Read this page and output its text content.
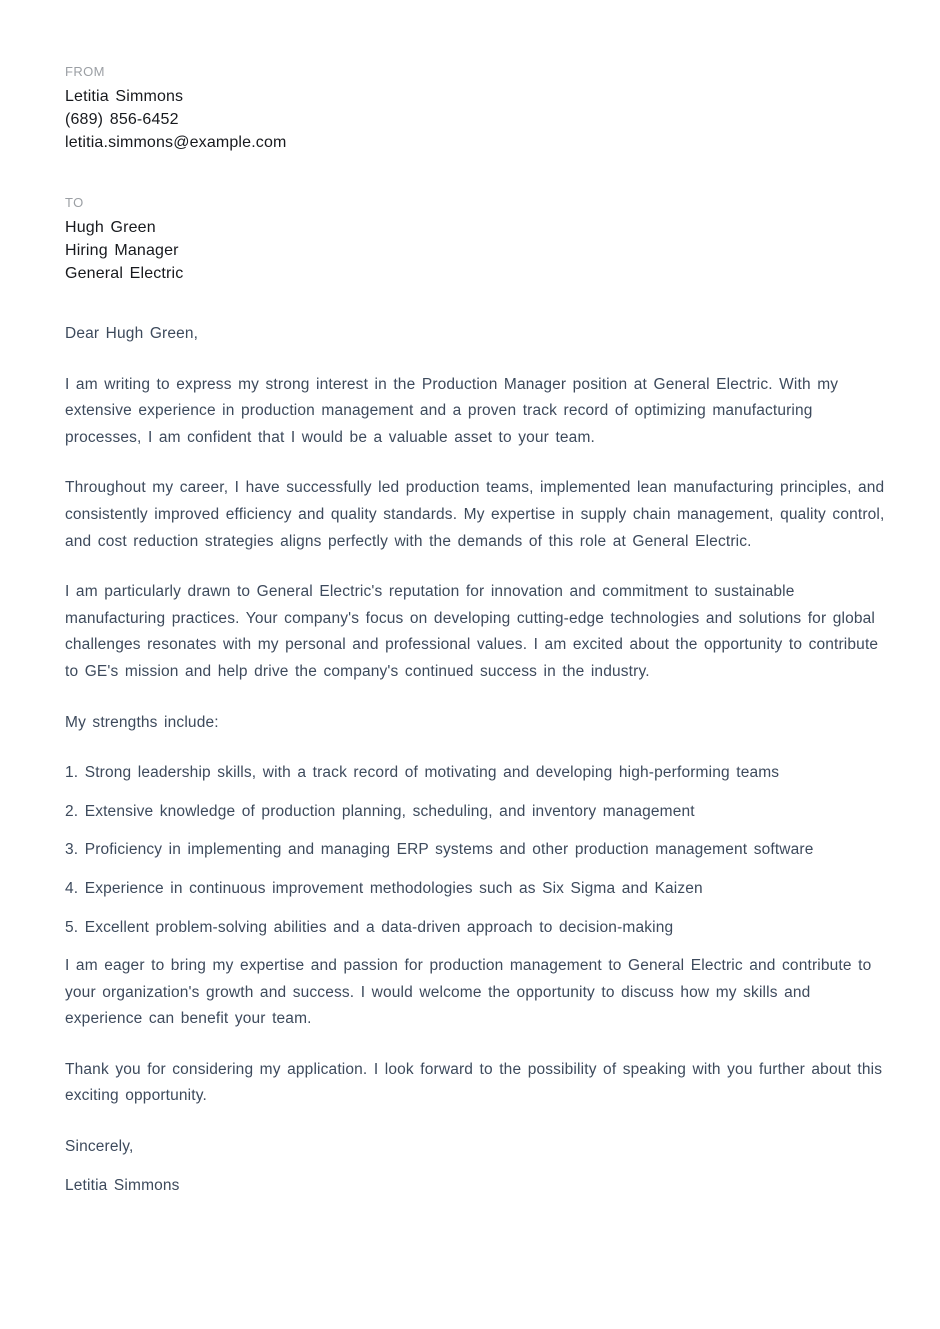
FROM
Letitia Simmons
(689) 856-6452
letitia.simmons@example.com
TO
Hugh Green
Hiring Manager
General Electric

Dear Hugh Green,

I am writing to express my strong interest in the Production Manager position at General Electric. With my extensive experience in production management and a proven track record of optimizing manufacturing processes, I am confident that I would be a valuable asset to your team.

Throughout my career, I have successfully led production teams, implemented lean manufacturing principles, and consistently improved efficiency and quality standards. My expertise in supply chain management, quality control, and cost reduction strategies aligns perfectly with the demands of this role at General Electric.

I am particularly drawn to General Electric's reputation for innovation and commitment to sustainable manufacturing practices. Your company's focus on developing cutting-edge technologies and solutions for global challenges resonates with my personal and professional values. I am excited about the opportunity to contribute to GE's mission and help drive the company's continued success in the industry.

My strengths include:

1. Strong leadership skills, with a track record of motivating and developing high-performing teams

2. Extensive knowledge of production planning, scheduling, and inventory management

3. Proficiency in implementing and managing ERP systems and other production management software

4. Experience in continuous improvement methodologies such as Six Sigma and Kaizen

5. Excellent problem-solving abilities and a data-driven approach to decision-making

I am eager to bring my expertise and passion for production management to General Electric and contribute to your organization's growth and success. I would welcome the opportunity to discuss how my skills and experience can benefit your team.

Thank you for considering my application. I look forward to the possibility of speaking with you further about this exciting opportunity.

Sincerely,

Letitia Simmons
